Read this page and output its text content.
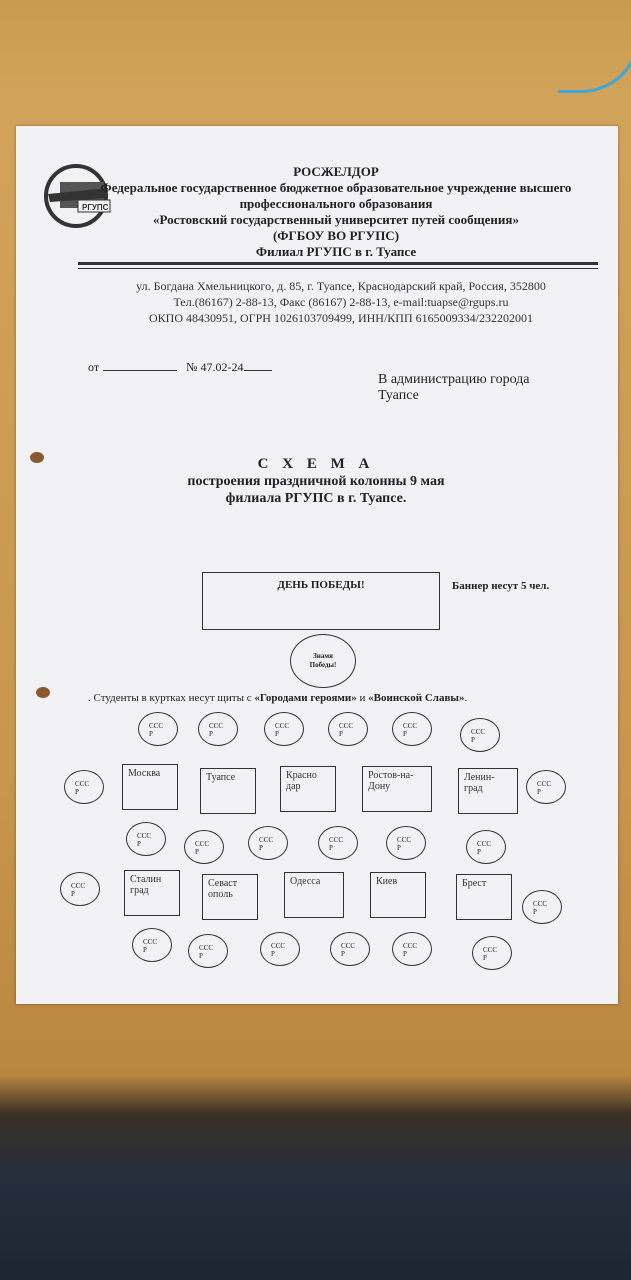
РГУПС
РОСЖЕЛДОР
Федеральное государственное бюджетное образовательное учреждение высшего
профессионального образования
«Ростовский государственный университет путей сообщения»
(ФГБОУ ВО РГУПС)
Филиал РГУПС в г. Туапсе
ул. Богдана Хмельницкого, д. 85, г. Туапсе, Краснодарский край, Россия, 352800
Тел.(86167) 2-88-13, Факс (86167) 2-88-13, e-mail:tuapse@rgups.ru
ОКПО 48430951, ОГРН 1026103709499, ИНН/КПП 6165009334/232202001
от	№ 47.02-24
В администрацию города
Туапсе
С Х Е М А
построения праздничной колонны 9 мая
филиала РГУПС в г. Туапсе.
ДЕНЬ ПОБЕДЫ!	Баннер несут 5 чел.
Знамя
Победы!
. Студенты в куртках несут щиты с «Городами героями» и «Воинской Славы».
ССС
Р
ССС
Р
ССС
Р
ССС
Р
ССС
Р	ССС
Р
ССС
Р
ССС
Р
Москва	Туапсе	Красно дар
Ростов-на-Дону
Ленин-град
ССС
Р	ССС
Р
ССС
Р
ССС
Р
ССС
Р	ССС
Р
ССС
Р
ССС
Р
Сталин град
Севаст ополь
Одесса	Киев	Брест
ССС
Р	ССС
Р
ССС
Р
ССС
Р
ССС
Р	ССС
Р
